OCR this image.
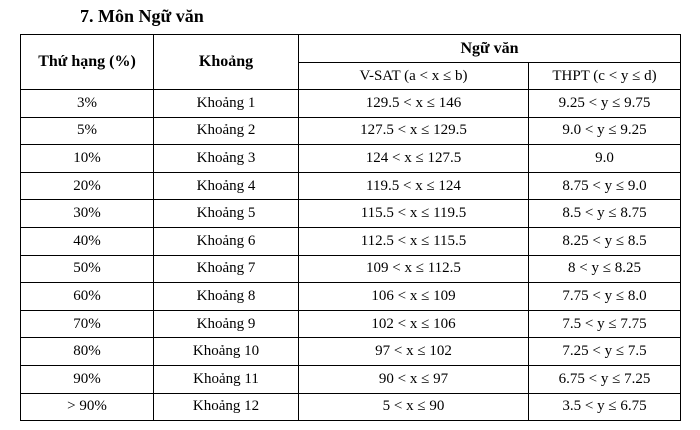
7. Môn Ngữ văn
Thứ hạng (%)	Khoảng	Ngữ văn	
		V-SAT (a < x ≤ b)	THPT (c < y ≤ d)
3%	Khoảng 1	129.5 < x ≤ 146	9.25 < y ≤ 9.75
5%	Khoảng 2	127.5 < x ≤ 129.5	9.0 < y ≤ 9.25
10%	Khoảng 3	124 < x ≤ 127.5	9.0
20%	Khoảng 4	119.5 < x ≤ 124	8.75 < y ≤ 9.0
30%	Khoảng 5	115.5 < x ≤ 119.5	8.5 < y ≤ 8.75
40%	Khoảng 6	112.5 < x ≤ 115.5	8.25 < y ≤ 8.5
50%	Khoảng 7	109 < x ≤ 112.5	8 < y ≤ 8.25
60%	Khoảng 8	106 < x ≤ 109	7.75 < y ≤ 8.0
70%	Khoảng 9	102 < x ≤ 106	7.5 < y ≤ 7.75
80%	Khoảng 10	97 < x ≤ 102	7.25 < y ≤ 7.5
90%	Khoảng 11	90 < x ≤ 97	6.75 < y ≤ 7.25
> 90%	Khoảng 12	5 < x ≤ 90	3.5 < y ≤ 6.75
